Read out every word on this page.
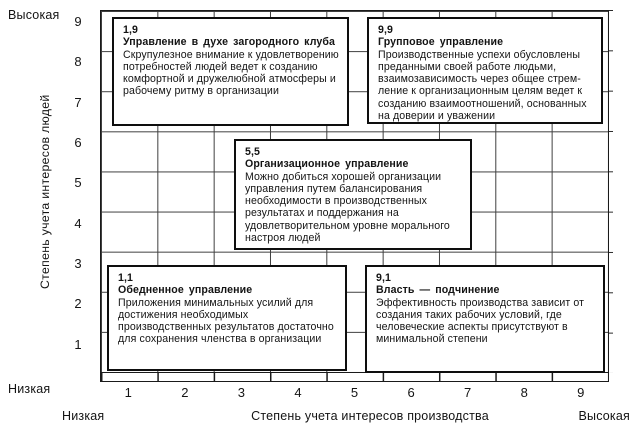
Высокая
Низкая
Степень учета интересов людей
9
8
7
6
5
4
3
2
1
1	2	3	4	5	6	7	8	9
Низкая	Степень учета интересов производства	Высокая
1,9
Управление в духе загородного клуба
Скрупулезное внимание к удовлетворению потребностей людей ведет к созданию комфортной и дружелюбной атмосферы и рабочему ритму в организации
9,9
Групповое управление
Производственные успехи обусловлены преданными своей работе людьми, взаимозависимость через общее стремление к организационным целям ведет к созданию взаимоотношений, основанных на доверии и уважении
5,5
Организационное управление
Можно добиться хорошей организации управления путем балансирования необходимости в производственных результатах и поддержания на удовлетворительном уровне морального настроя людей
1,1
Обедненное управление
Приложения минимальных усилий для достижения необходимых производственных результатов достаточно для сохранения членства в организации
9,1
Власть — подчинение
Эффективность производства зависит от создания таких рабочих условий, где человеческие аспекты присутствуют в минимальной степени
